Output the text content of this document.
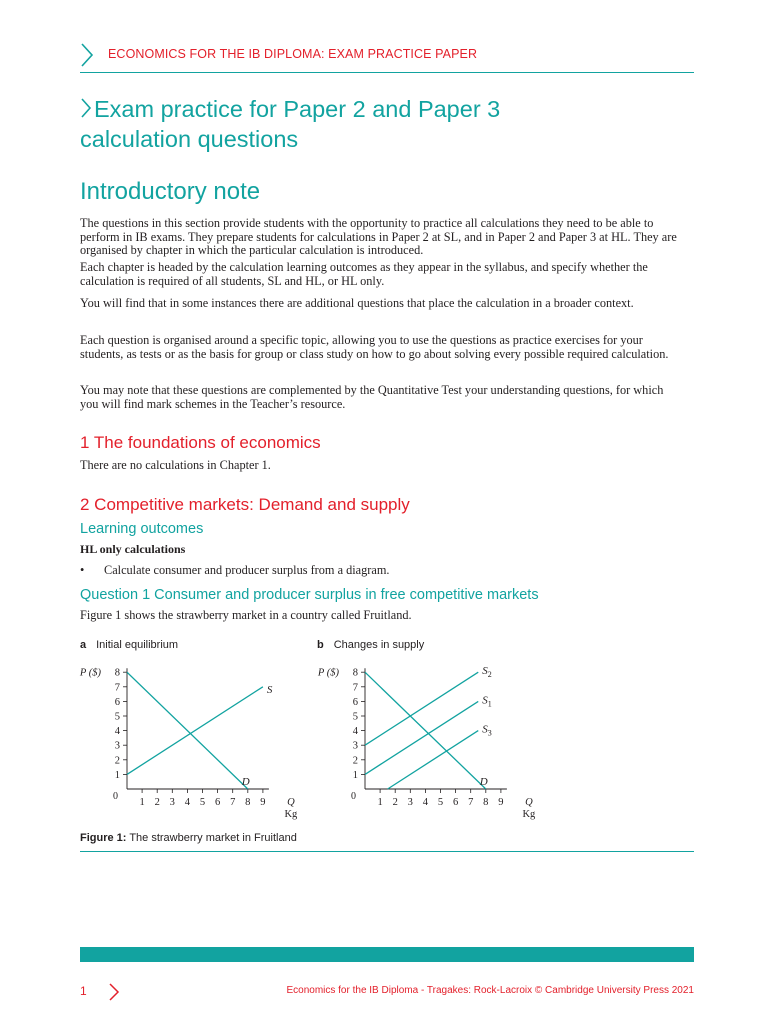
ECONOMICS FOR THE IB DIPLOMA: EXAM PRACTICE PAPER
Exam practice for Paper 2 and Paper 3
calculation questions
Introductory note

The questions in this section provide students with the opportunity to practice all calculations they need to be able to perform in IB exams. They prepare students for calculations in Paper 2 at SL, and in Paper 2 and Paper 3 at HL. They are organised by chapter in which the particular calculation is introduced.

Each chapter is headed by the calculation learning outcomes as they appear in the syllabus, and specify whether the calculation is required of all students, SL and HL, or HL only.

You will find that in some instances there are additional questions that place the calculation in a broader context.

Each question is organised around a specific topic, allowing you to use the questions as practice exercises for your students, as tests or as the basis for group or class study on how to go about solving every possible required calculation.

You may note that these questions are complemented by the Quantitative Test your understanding questions, for which you will find mark schemes in the Teacher’s resource.

1 The foundations of economics

There are no calculations in Chapter 1.

2 Competitive markets: Demand and supply
Learning outcomes
HL only calculations
• Calculate consumer and producer surplus from a diagram.
Question 1 Consumer and producer surplus in free competitive markets
Figure 1 shows the strawberry market in a country called Fruitland.
a Initial equilibrium	b Changes in supply
1
2
3
4
5
6
7
8
1 2 3 4 5 6 7 8 9
0
P ($)
Q
Kg
S
D
1
2
3
4
5
6
7
8
1 2 3 4 5 6 7 8 9
0
P ($)
Q
Kg
$S_2$
$S_1$
$S_3$
D
Figure 1: The strawberry market in Fruitland
1	Economics for the IB Diploma - Tragakes: Rock-Lacroix © Cambridge University Press 2021
